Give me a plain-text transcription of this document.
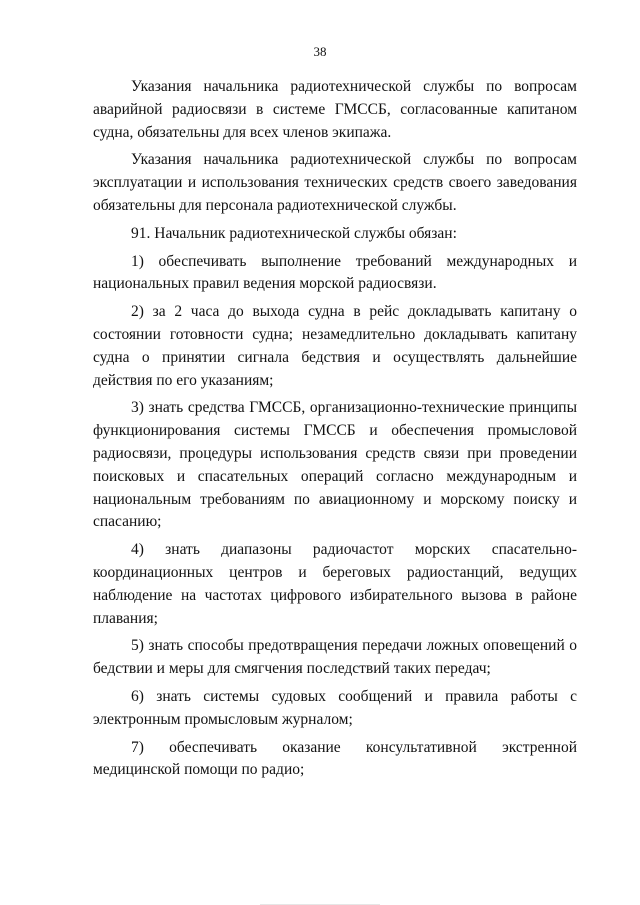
38

Указания начальника радиотехнической службы по вопросам аварийной радиосвязи в системе ГМССБ, согласованные капитаном судна, обязательны для всех членов экипажа.

Указания начальника радиотехнической службы по вопросам эксплуатации и использования технических средств своего заведования обязательны для персонала радиотехнической службы.

91. Начальник радиотехнической службы обязан:

1) обеспечивать выполнение требований международных и национальных правил ведения морской радиосвязи.

2) за 2 часа до выхода судна в рейс докладывать капитану о состоянии готовности судна; незамедлительно докладывать капитану судна о принятии сигнала бедствия и осуществлять дальнейшие действия по его указаниям;

3) знать средства ГМССБ, организационно-технические принципы функционирования системы ГМССБ и обеспечения промысловой радиосвязи, процедуры использования средств связи при проведении поисковых и спасательных операций согласно международным и национальным требованиям по авиационному и морскому поиску и спасанию;

4) знать диапазоны радиочастот морских спасательно-координационных центров и береговых радиостанций, ведущих наблюдение на частотах цифрового избирательного вызова в районе плавания;

5) знать способы предотвращения передачи ложных оповещений о бедствии и меры для смягчения последствий таких передач;

6) знать системы судовых сообщений и правила работы с электронным промысловым журналом;

7) обеспечивать оказание консультативной экстренной медицинской помощи по радио;
